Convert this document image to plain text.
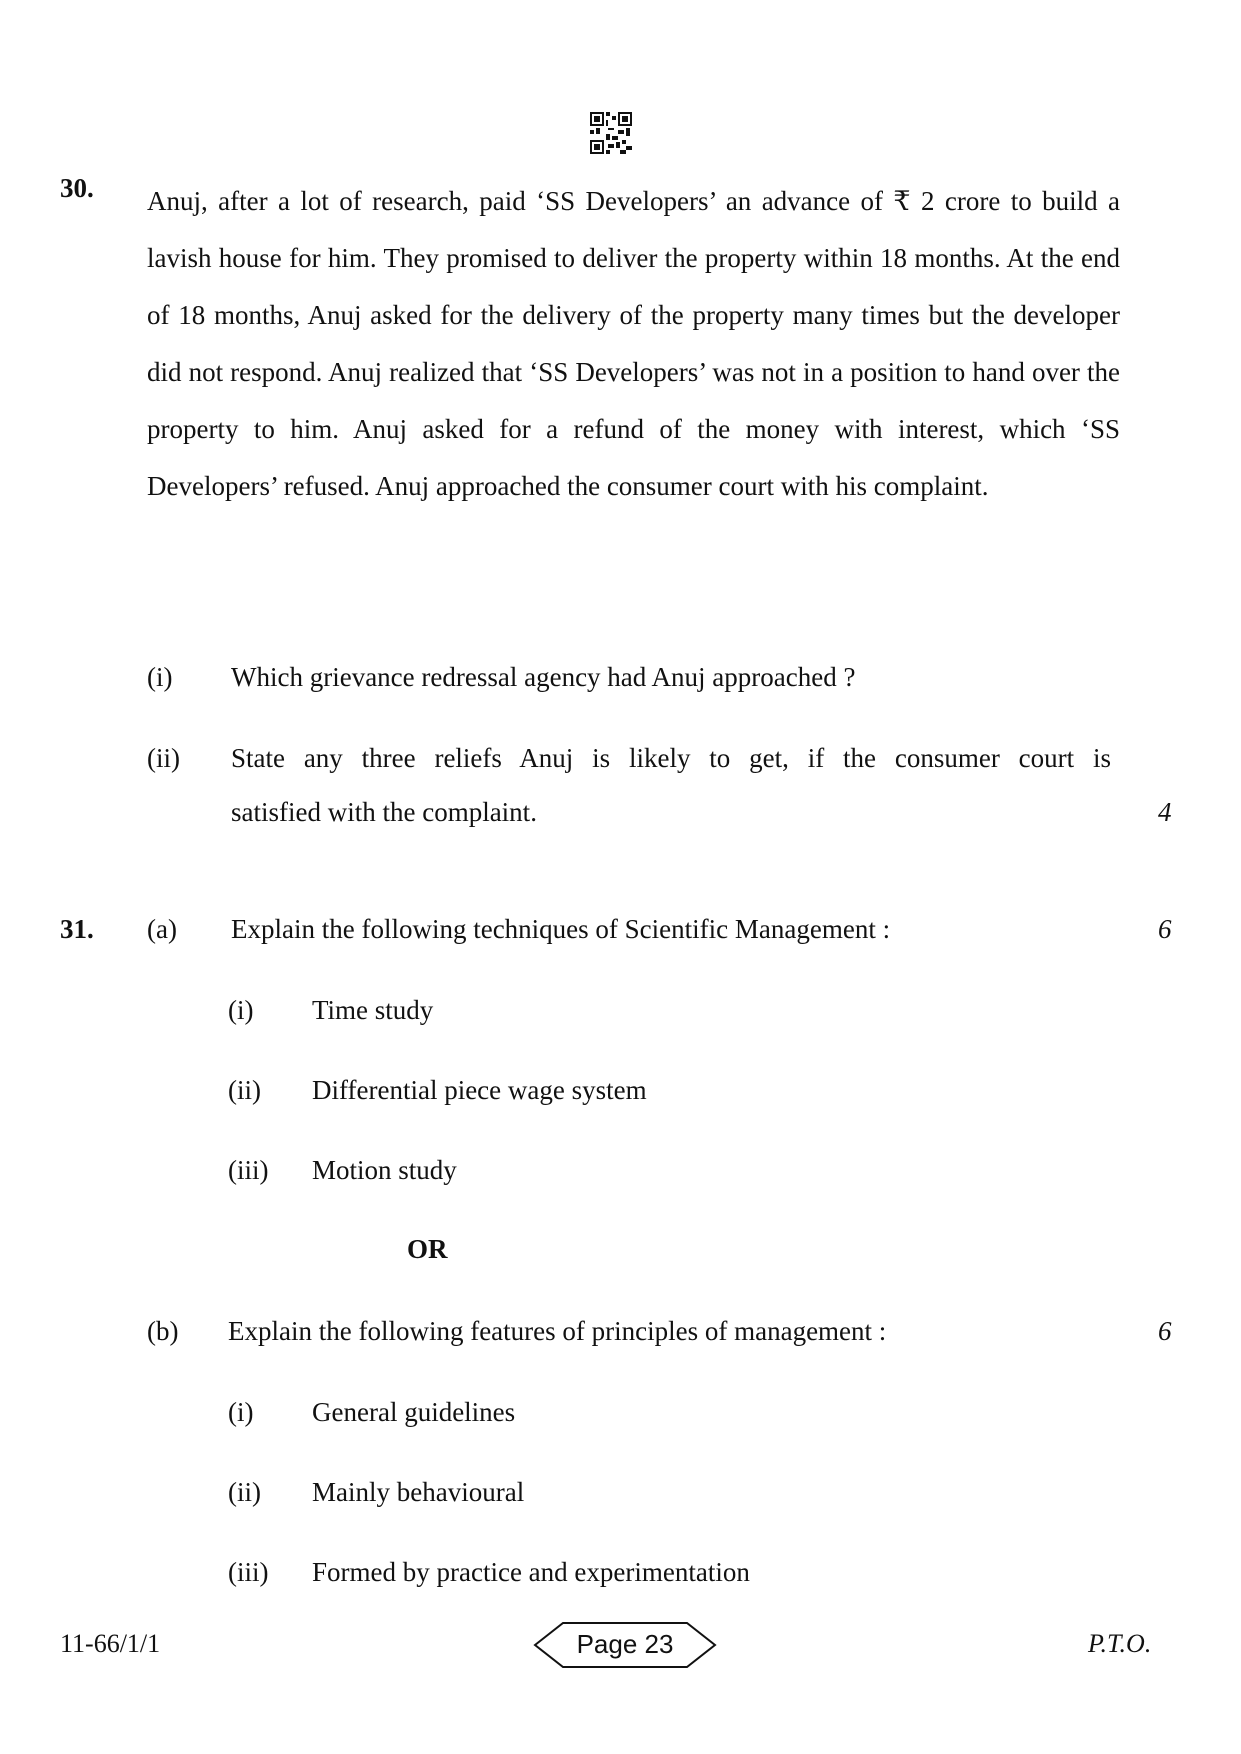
30. Anuj, after a lot of research, paid ‘SS Developers’ an advance of ₹ 2 crore to build a lavish house for him. They promised to deliver the property within 18 months. At the end of 18 months, Anuj asked for the delivery of the property many times but the developer did not respond. Anuj realized that ‘SS Developers’ was not in a position to hand over the property to him. Anuj asked for a refund of the money with interest, which ‘SS Developers’ refused. Anuj approached the consumer court with his complaint.
(i) Which grievance redressal agency had Anuj approached ?
(ii) State any three reliefs Anuj is likely to get, if the consumer court is
satisfied with the complaint.	4
31. (a) Explain the following techniques of Scientific Management :	6
(i) Time study
(ii) Differential piece wage system
(iii) Motion study
OR
(b) Explain the following features of principles of management :	6
(i) General guidelines
(ii) Mainly behavioural
(iii) Formed by practice and experimentation
11-66/1/1	Page 23	P.T.O.
